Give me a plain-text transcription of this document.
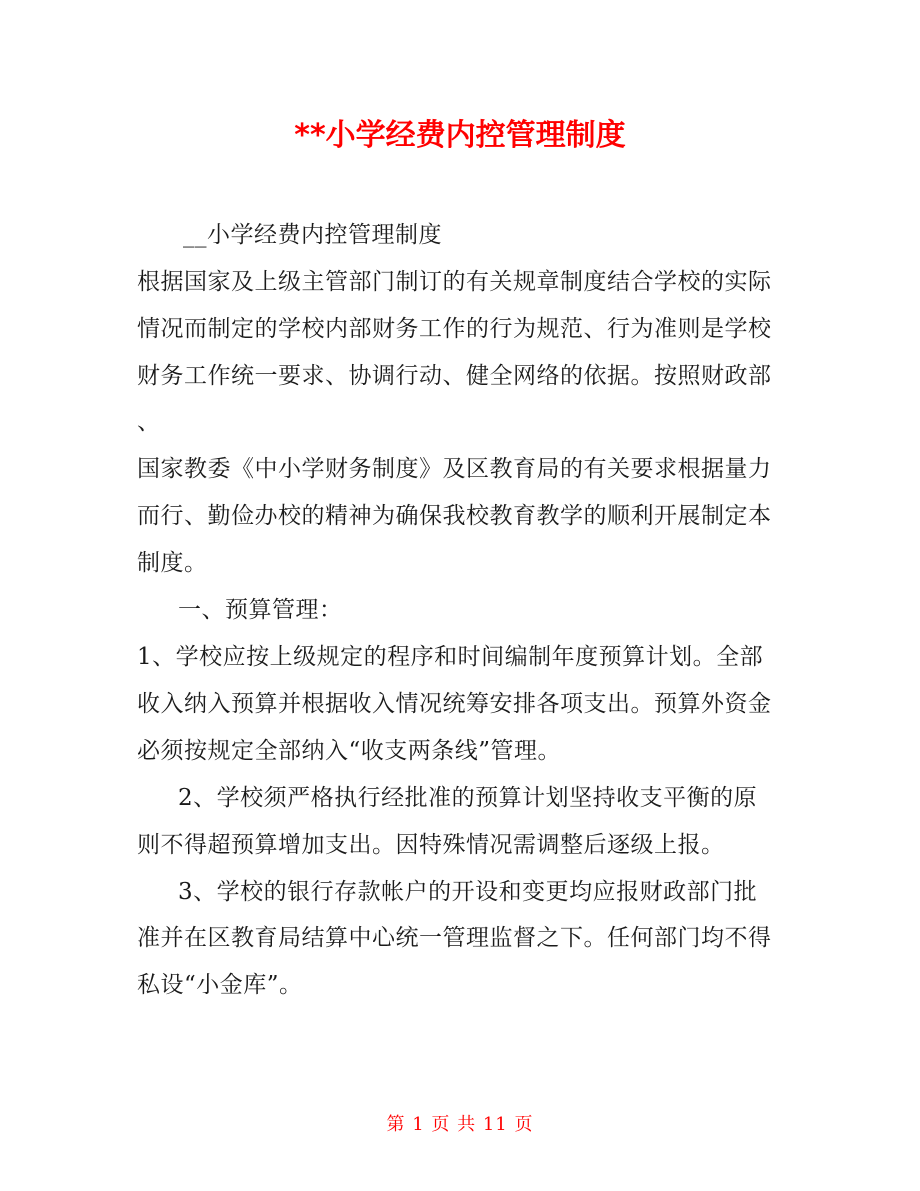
**小学经费内控管理制度
__小学经费内控管理制度
根据国家及上级主管部门制订的有关规章制度结合学校的实际
情况而制定的学校内部财务工作的行为规范、行为准则是学校
财务工作统一要求、协调行动、健全网络的依据。按照财政部
、
国家教委《中小学财务制度》及区教育局的有关要求根据量力
而行、勤俭办校的精神为确保我校教育教学的顺利开展制定本
制度。
一、预算管理：
1、学校应按上级规定的程序和时间编制年度预算计划。全部
收入纳入预算并根据收入情况统筹安排各项支出。预算外资金
必须按规定全部纳入“收支两条线”管理。
2、学校须严格执行经批准的预算计划坚持收支平衡的原
则不得超预算增加支出。因特殊情况需调整后逐级上报。
3、学校的银行存款帐户的开设和变更均应报财政部门批
准并在区教育局结算中心统一管理监督之下。任何部门均不得
私设“小金库”。
第 1 页 共 11 页
